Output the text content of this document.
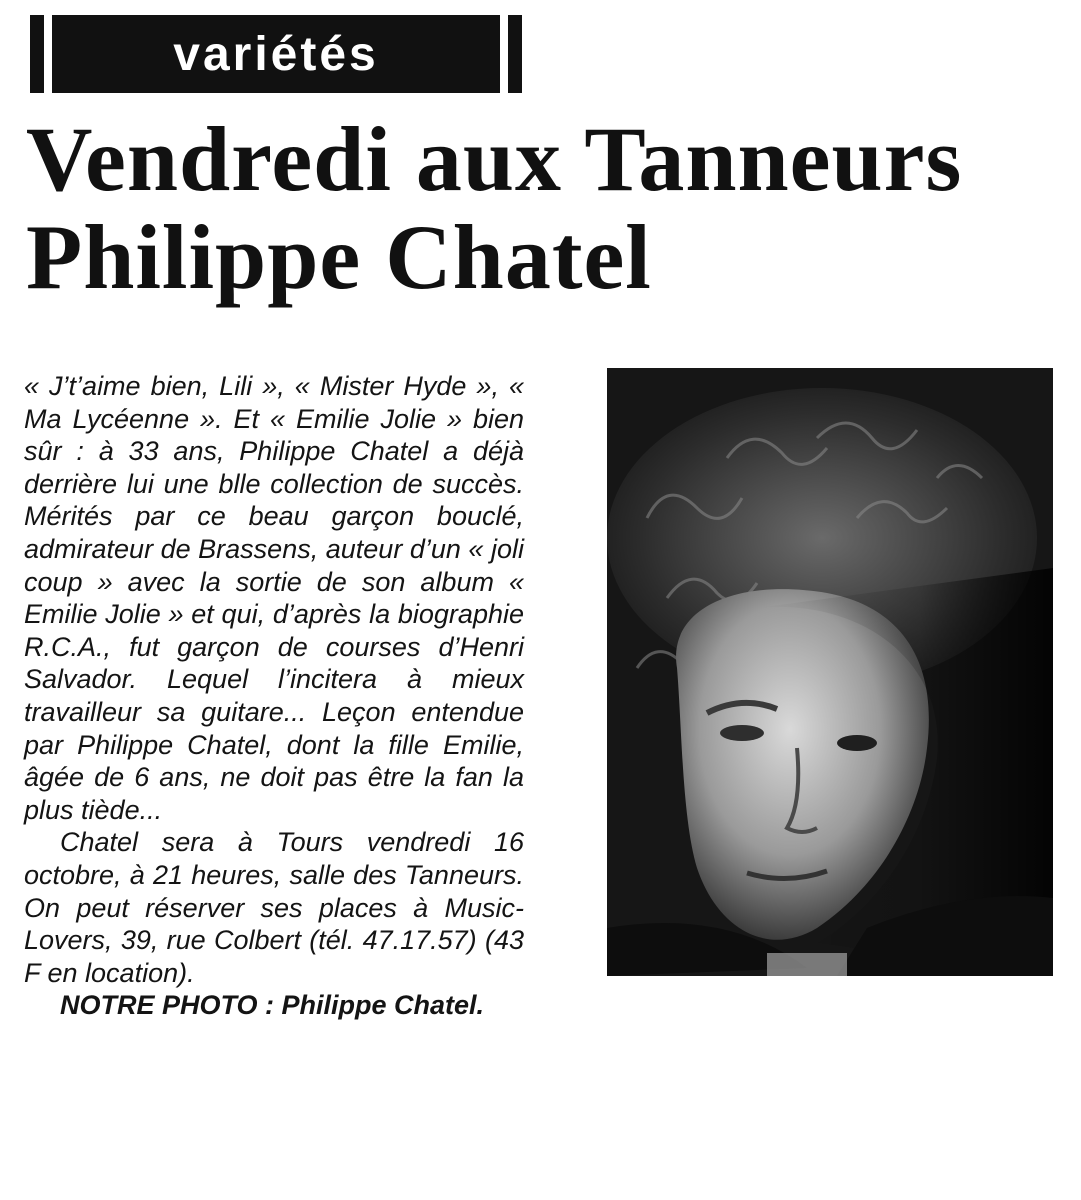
variétés
Vendredi aux Tanneurs
Philippe Chatel

« J’t’aime bien, Lili », « Mister Hyde », « Ma Lycéenne ». Et « Emilie Jolie » bien sûr : à 33 ans, Philippe Chatel a déjà derrière lui une blle collection de succès. Mérités par ce beau garçon bouclé, admirateur de Brassens, auteur d’un « joli coup » avec la sortie de son album « Emilie Jolie » et qui, d’après la biographie R.C.A., fut garçon de courses d’Henri Salvador. Lequel l’incitera à mieux travailleur sa guitare... Leçon entendue par Philippe Chatel, dont la fille Emilie, âgée de 6 ans, ne doit pas être la fan la plus tiède...

Chatel sera à Tours vendredi 16 octobre, à 21 heures, salle des Tanneurs. On peut réserver ses places à Music-Lovers, 39, rue Colbert (tél. 47.17.57) (43 F en location).

NOTRE PHOTO : Philippe Chatel.
